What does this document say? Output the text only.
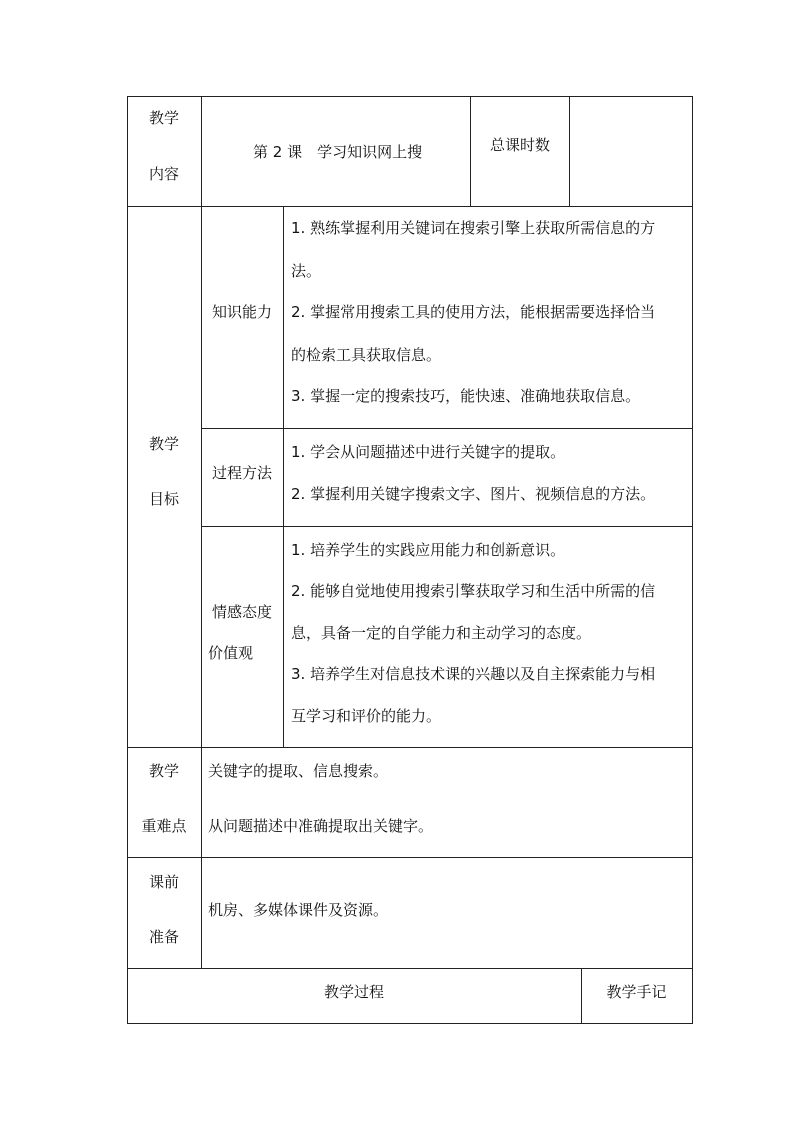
教学
内容
第 2 课　学习知识网上搜	总课时数
教学
目标
知识能力
1. 熟练掌握利用关键词在搜索引擎上获取所需信息的方
法。
2. 掌握常用搜索工具的使用方法，能根据需要选择恰当
的检索工具获取信息。
3. 掌握一定的搜索技巧，能快速、准确地获取信息。
过程方法
1. 学会从问题描述中进行关键字的提取。
2. 掌握利用关键字搜索文字、图片、视频信息的方法。
情感态度
价值观
1. 培养学生的实践应用能力和创新意识。
2. 能够自觉地使用搜索引擎获取学习和生活中所需的信
息，具备一定的自学能力和主动学习的态度。
3. 培养学生对信息技术课的兴趣以及自主探索能力与相
互学习和评价的能力。
教学
重难点
关键字的提取、信息搜索。
从问题描述中准确提取出关键字。
课前
准备
机房、多媒体课件及资源。
教学过程	教学手记
